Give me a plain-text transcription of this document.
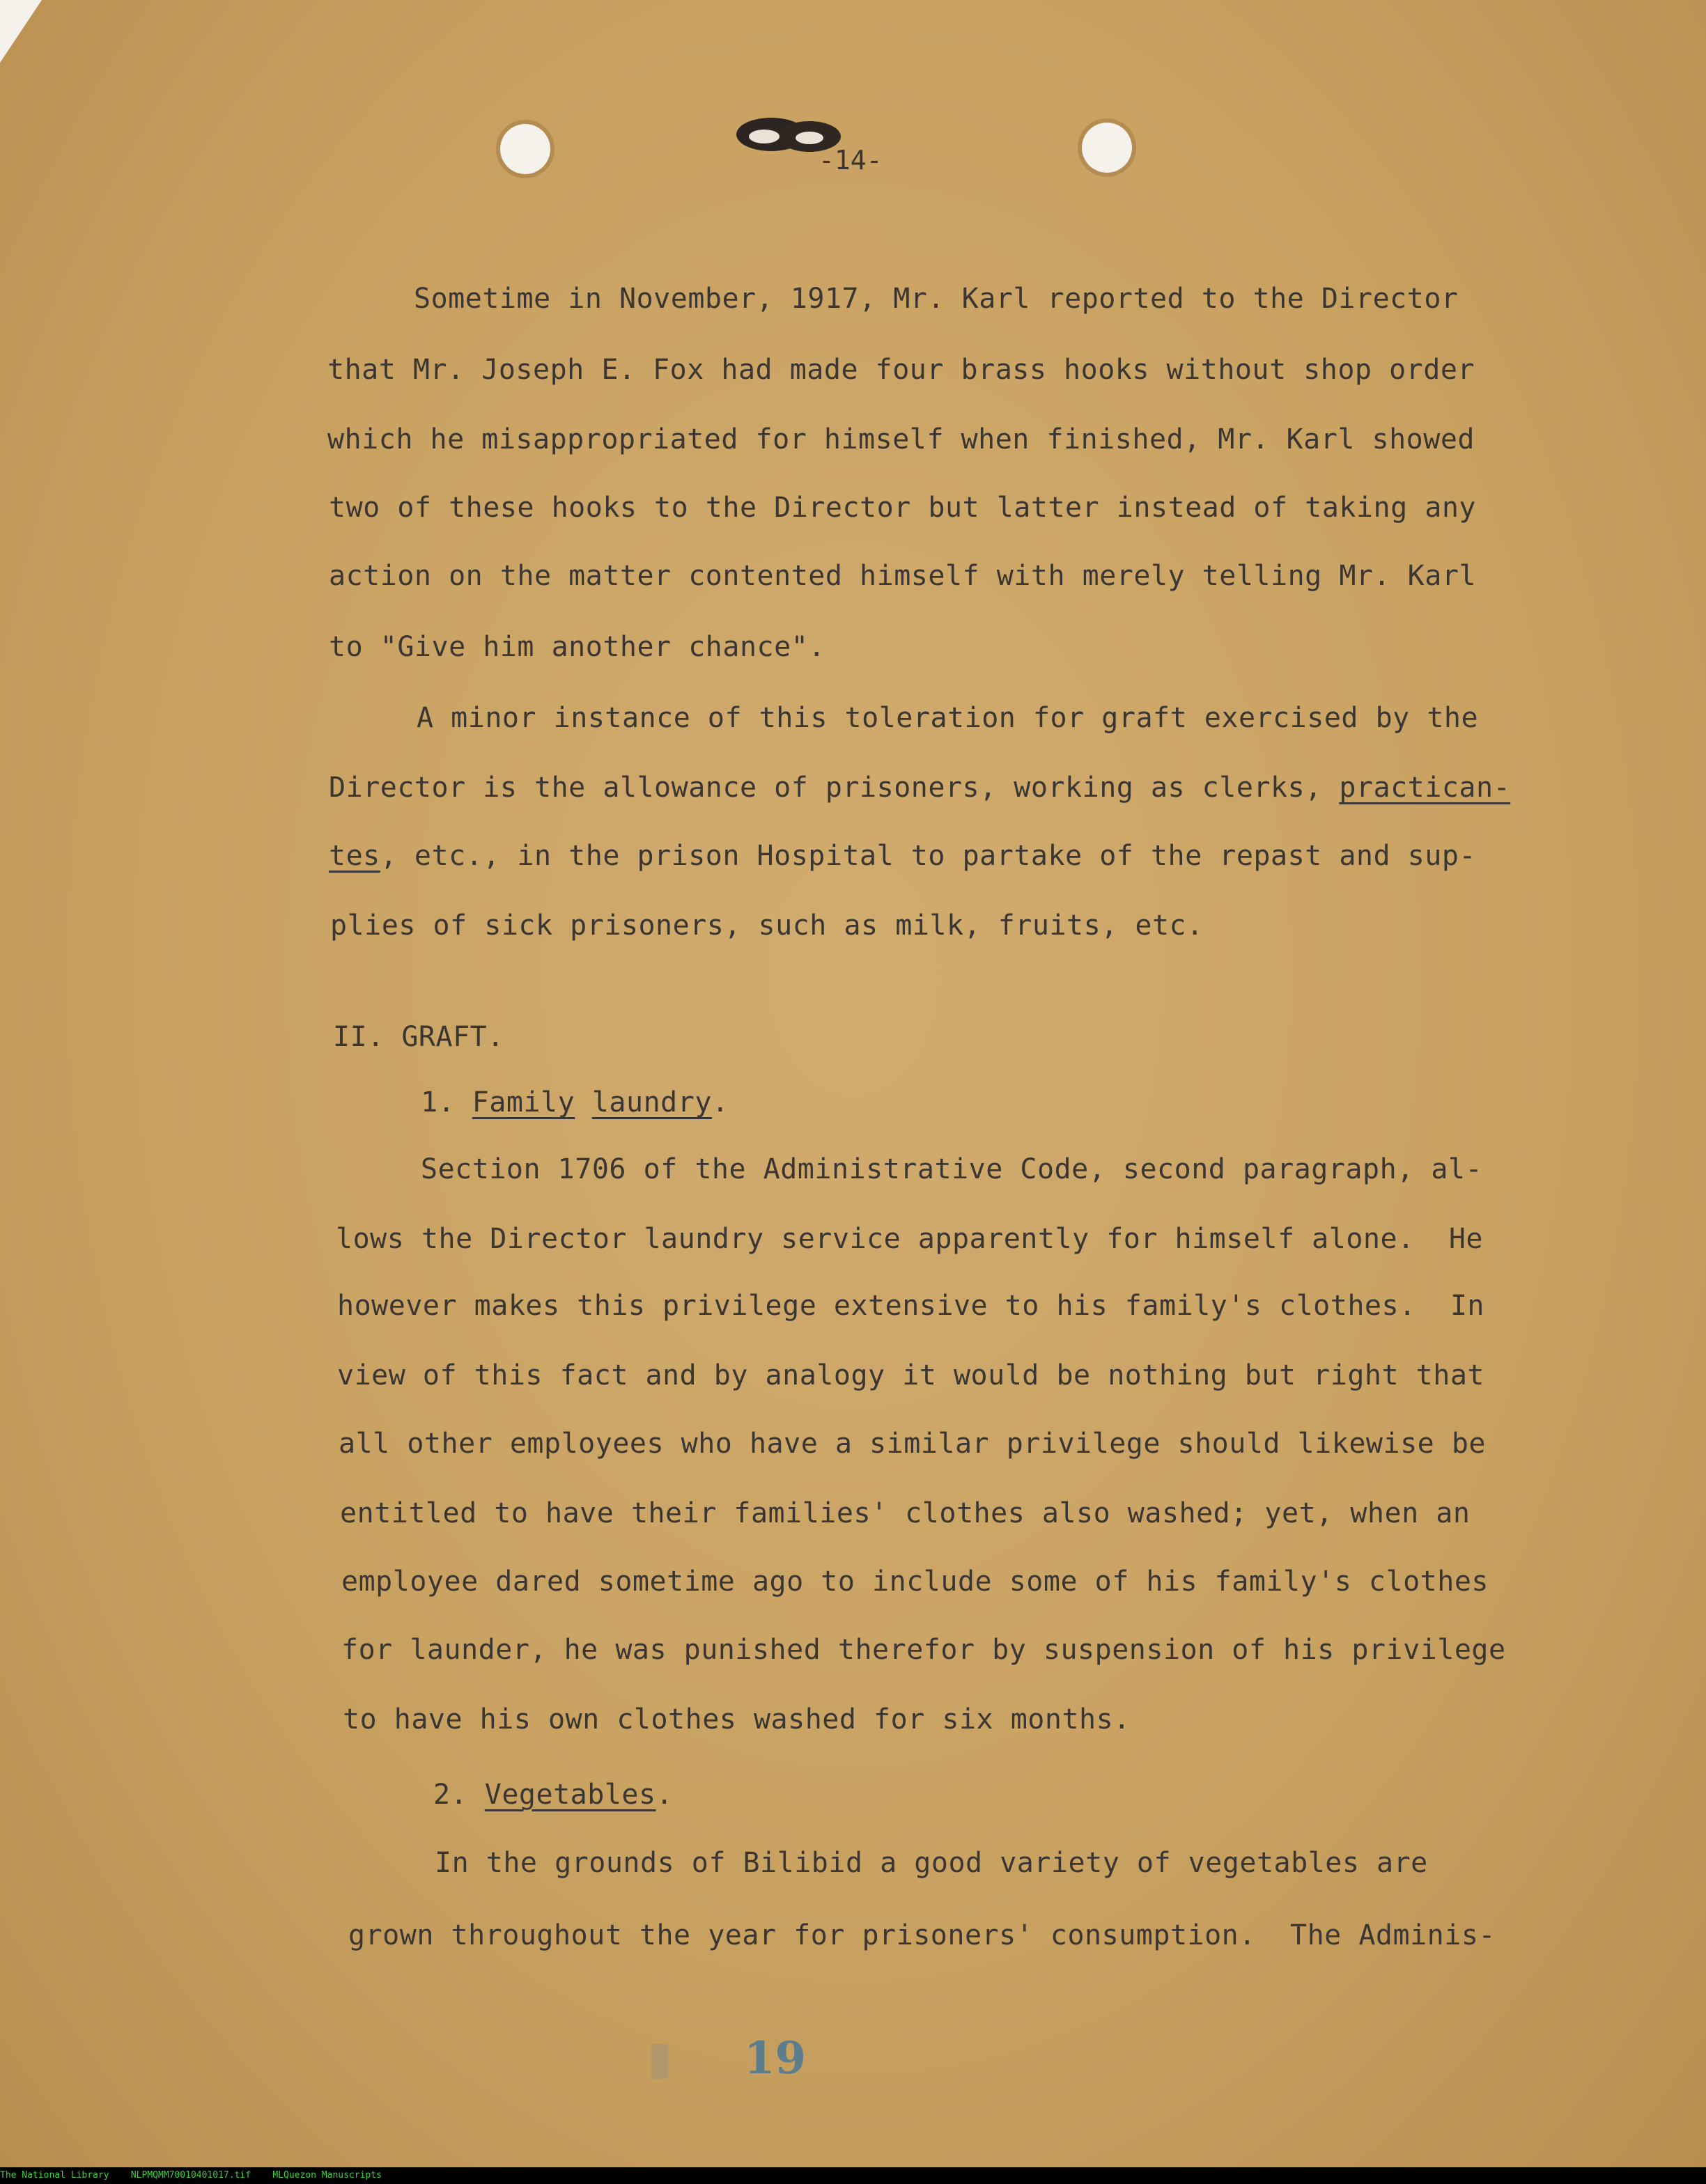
-14-
Sometime in November, 1917, Mr. Karl reported to the Director
that Mr. Joseph E. Fox had made four brass hooks without shop order
which he misappropriated for himself when finished, Mr. Karl showed
two of these hooks to the Director but latter instead of taking any
action on the matter contented himself with merely telling Mr. Karl
to "Give him another chance".
A minor instance of this toleration for graft exercised by the
Director is the allowance of prisoners, working as clerks, practican-
tes, etc., in the prison Hospital to partake of the repast and sup-
plies of sick prisoners, such as milk, fruits, etc.
II. GRAFT.
1. Family laundry.
Section 1706 of the Administrative Code, second paragraph, al-
lows the Director laundry service apparently for himself alone.  He
however makes this privilege extensive to his family's clothes.  In
view of this fact and by analogy it would be nothing but right that
all other employees who have a similar privilege should likewise be
entitled to have their families' clothes also washed; yet, when an
employee dared sometime ago to include some of his family's clothes
for launder, he was punished therefor by suspension of his privilege
to have his own clothes washed for six months.
2. Vegetables.
In the grounds of Bilibid a good variety of vegetables are
grown throughout the year for prisoners' consumption.  The Adminis-
19
The National Library NLPMQMM70010401017.tif MLQuezon Manuscripts
